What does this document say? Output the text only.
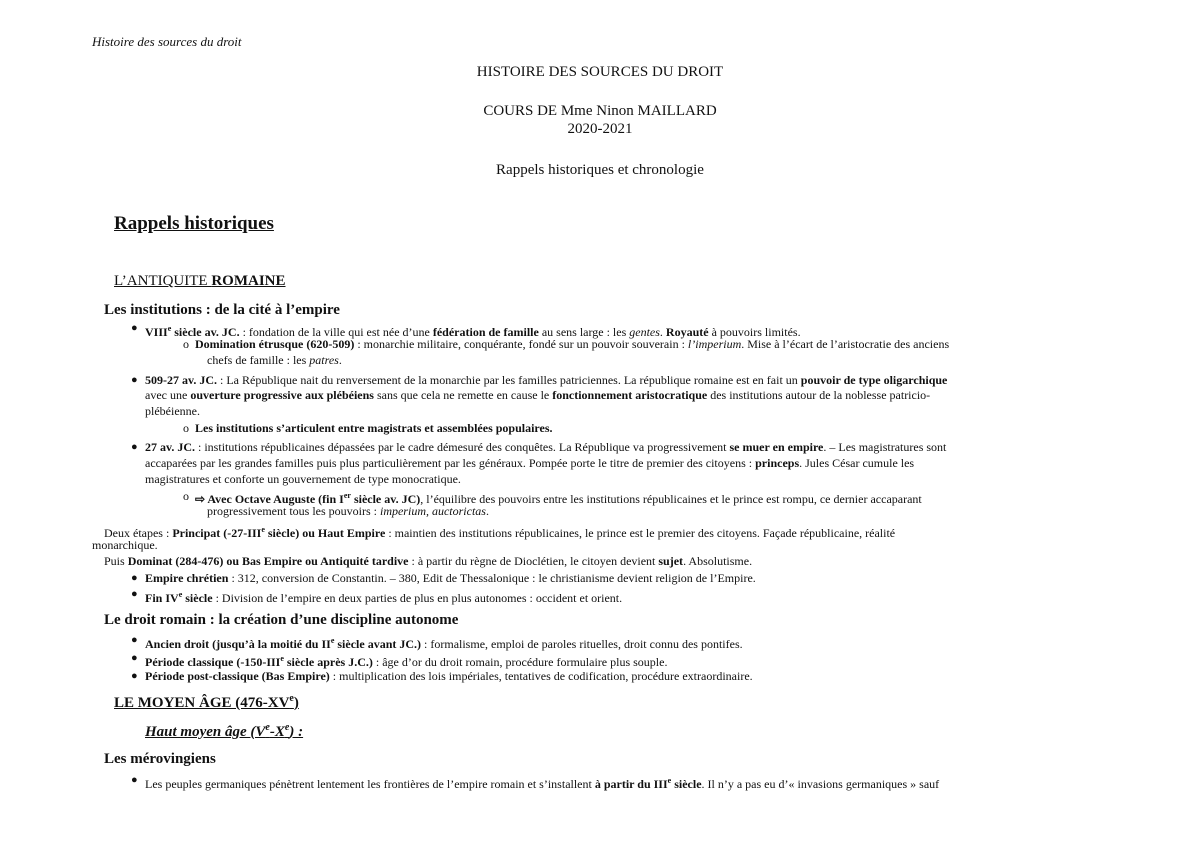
Histoire des sources du droit
HISTOIRE DES SOURCES DU DROIT
COURS DE Mme Ninon MAILLARD
2020-2021
Rappels historiques et chronologie
Rappels historiques
L’ANTIQUITE ROMAINE
Les institutions : de la cité à l’empire
● VIIIe siècle av. JC. : fondation de la ville qui est née d’une fédération de famille au sens large : les gentes. Royauté à pouvoirs limités.
o Domination étrusque (620-509) : monarchie militaire, conquérante, fondé sur un pouvoir souverain : l’imperium. Mise à l’écart de l’aristocratie des anciens
chefs de famille : les patres.
● 509-27 av. JC. : La République nait du renversement de la monarchie par les familles patriciennes. La république romaine est en fait un pouvoir de type oligarchique
avec une ouverture progressive aux plébéiens sans que cela ne remette en cause le fonctionnement aristocratique des institutions autour de la noblesse patricio-
plébéienne.
o Les institutions s’articulent entre magistrats et assemblées populaires.
● 27 av. JC. : institutions républicaines dépassées par le cadre démesuré des conquêtes. La République va progressivement se muer en empire. – Les magistratures sont
accaparées par les grandes familles puis plus particulièrement par les généraux. Pompée porte le titre de premier des citoyens : princeps. Jules César cumule les
magistratures et conforte un gouvernement de type monocratique.
o ⇨ Avec Octave Auguste (fin Ier siècle av. JC), l’équilibre des pouvoirs entre les institutions républicaines et le prince est rompu, ce dernier accaparant
progressivement tous les pouvoirs : imperium, auctorictas.
Deux étapes : Principat (-27-IIIe siècle) ou Haut Empire : maintien des institutions républicaines, le prince est le premier des citoyens. Façade républicaine, réalité
monarchique.
Puis Dominat (284-476) ou Bas Empire ou Antiquité tardive : à partir du règne de Dioclétien, le citoyen devient sujet. Absolutisme.
● Empire chrétien : 312, conversion de Constantin. – 380, Edit de Thessalonique : le christianisme devient religion de l’Empire.
● Fin IVe siècle : Division de l’empire en deux parties de plus en plus autonomes : occident et orient.
Le droit romain : la création d’une discipline autonome
● Ancien droit (jusqu’à la moitié du IIe siècle avant JC.) : formalisme, emploi de paroles rituelles, droit connu des pontifes.
● Période classique (-150-IIIe siècle après J.C.) : âge d’or du droit romain, procédure formulaire plus souple.
● Période post-classique (Bas Empire) : multiplication des lois impériales, tentatives de codification, procédure extraordinaire.
LE MOYEN ÂGE (476-XVe)
Haut moyen âge (Ve-Xe) :
Les mérovingiens
● Les peuples germaniques pénètrent lentement les frontières de l’empire romain et s’installent à partir du IIIe siècle. Il n’y a pas eu d’« invasions germaniques » sauf
